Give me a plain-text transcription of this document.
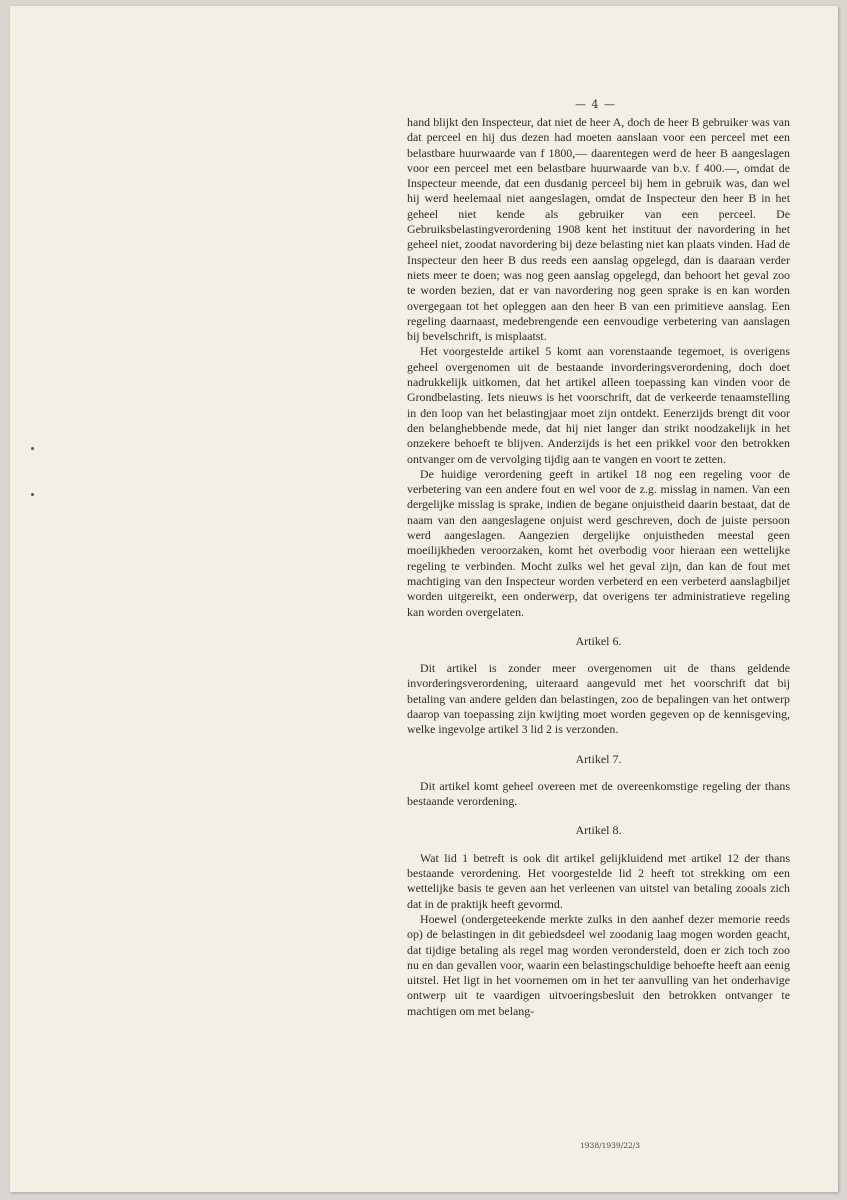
— 4 —

hand blijkt den Inspecteur, dat niet de heer A, doch de heer B gebruiker was van dat perceel en hij dus dezen had moeten aanslaan voor een perceel met een belastbare huurwaarde van f 1800,— daarentegen werd de heer B aangeslagen voor een perceel met een belastbare huurwaarde van b.v. f 400.—, omdat de Inspecteur meende, dat een dusdanig perceel bij hem in gebruik was, dan wel hij werd heelemaal niet aangeslagen, omdat de Inspecteur den heer B in het geheel niet kende als gebruiker van een perceel. De Gebruiksbelastingverordening 1908 kent het instituut der navordering in het geheel niet, zoodat navordering bij deze belasting niet kan plaats vinden. Had de Inspecteur den heer B dus reeds een aanslag opgelegd, dan is daaraan verder niets meer te doen; was nog geen aanslag opgelegd, dan behoort het geval zoo te worden bezien, dat er van navordering nog geen sprake is en kan worden overgegaan tot het opleggen aan den heer B van een primitieve aanslag. Een regeling daarnaast, medebrengende een eenvoudige verbetering van aanslagen bij bevelschrift, is misplaatst.

Het voorgestelde artikel 5 komt aan vorenstaande tegemoet, is overigens geheel overgenomen uit de bestaande invorderingsverordening, doch doet nadrukkelijk uitkomen, dat het artikel alleen toepassing kan vinden voor de Grondbelasting. Iets nieuws is het voorschrift, dat de verkeerde tenaamstelling in den loop van het belastingjaar moet zijn ontdekt. Eenerzijds brengt dit voor den belanghebbende mede, dat hij niet langer dan strikt noodzakelijk in het onzekere behoeft te blijven. Anderzijds is het een prikkel voor den betrokken ontvanger om de vervolging tijdig aan te vangen en voort te zetten.

De huidige verordening geeft in artikel 18 nog een regeling voor de verbetering van een andere fout en wel voor de z.g. misslag in namen. Van een dergelijke misslag is sprake, indien de begane onjuistheid daarin bestaat, dat de naam van den aangeslagene onjuist werd geschreven, doch de juiste persoon werd aangeslagen. Aangezien dergelijke onjuistheden meestal geen moeilijkheden veroorzaken, komt het overbodig voor hieraan een wettelijke regeling te verbinden. Mocht zulks wel het geval zijn, dan kan de fout met machtiging van den Inspecteur worden verbeterd en een verbeterd aanslagbiljet worden uitgereikt, een onderwerp, dat overigens ter administratieve regeling kan worden overgelaten.

Artikel 6.

Dit artikel is zonder meer overgenomen uit de thans geldende invorderingsverordening, uiteraard aangevuld met het voorschrift dat bij betaling van andere gelden dan belastingen, zoo de bepalingen van het ontwerp daarop van toepassing zijn kwijting moet worden gegeven op de kennisgeving, welke ingevolge artikel 3 lid 2 is verzonden.

Artikel 7.

Dit artikel komt geheel overeen met de overeenkomstige regeling der thans bestaande verordening.

Artikel 8.

Wat lid 1 betreft is ook dit artikel gelijkluidend met artikel 12 der thans bestaande verordening. Het voorgestelde lid 2 heeft tot strekking om een wettelijke basis te geven aan het verleenen van uitstel van betaling zooals zich dat in de praktijk heeft gevormd.

Hoewel (ondergeteekende merkte zulks in den aanhef dezer memorie reeds op) de belastingen in dit gebiedsdeel wel zoodanig laag mogen worden geacht, dat tijdige betaling als regel mag worden verondersteld, doen er zich toch zoo nu en dan gevallen voor, waarin een belastingschuldige behoefte heeft aan eenig uitstel. Het ligt in het voornemen om in het ter aanvulling van het onderhavige ontwerp uit te vaardigen uitvoeringsbesluit den betrokken ontvanger te machtigen om met belang-

1938/1939/22/3
